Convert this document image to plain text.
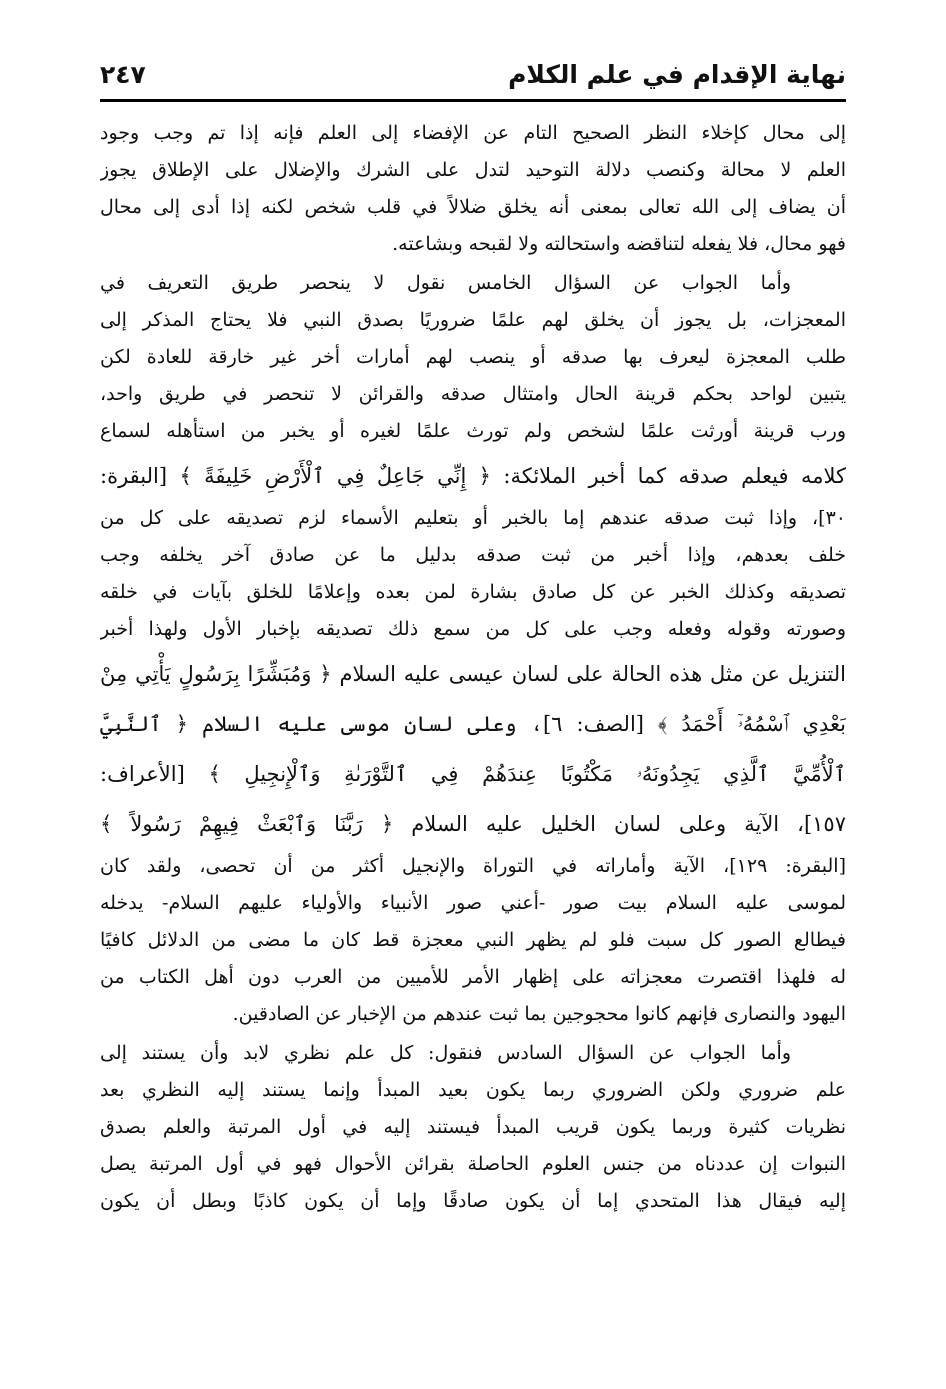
نهاية الإقدام في علم الكلام
٢٤٧
إلى محال كإخلاء النظر الصحيح التام عن الإفضاء إلى العلم فإنه إذا تم وجب وجود
العلم لا محالة وكنصب دلالة التوحيد لتدل على الشرك والإضلال على الإطلاق يجوز
أن يضاف إلى الله تعالى بمعنى أنه يخلق ضلالاً في قلب شخص لكنه إذا أدى إلى محال
فهو محال، فلا يفعله لتناقضه واستحالته ولا لقبحه وبشاعته.
وأما الجواب عن السؤال الخامس نقول لا ينحصر طريق التعريف في
المعجزات، بل يجوز أن يخلق لهم علمًا ضروريًا بصدق النبي فلا يحتاج المذكر إلى
طلب المعجزة ليعرف بها صدقه أو ينصب لهم أمارات أخر غير خارقة للعادة لكن
يتبين لواحد بحكم قرينة الحال وامتثال صدقه والقرائن لا تنحصر في طريق واحد،
ورب قرينة أورثت علمًا لشخص ولم تورث علمًا لغيره أو يخبر من استأهله لسماع
كلامه فيعلم صدقه كما أخبر الملائكة: ﴿ إِنِّي جَاعِلٌ فِي ٱلْأَرْضِ خَلِيفَةً ﴾ [البقرة:
٣٠]، وإذا ثبت صدقه عندهم إما بالخبر أو بتعليم الأسماء لزم تصديقه على كل من
خلف بعدهم، وإذا أخبر من ثبت صدقه بدليل ما عن صادق آخر يخلفه وجب
تصديقه وكذلك الخبر عن كل صادق بشارة لمن بعده وإعلامًا للخلق بآيات في خلقه
وصورته وقوله وفعله وجب على كل من سمع ذلك تصديقه بإخبار الأول ولهذا أخبر
التنزيل عن مثل هذه الحالة على لسان عيسى عليه السلام ﴿ وَمُبَشِّرًا بِرَسُولٍ يَأْتِي مِنْ
بَعْدِي ٱسْمُهُۥٓ أَحْمَدُ ﴾ [الصف: ٦]، وعلى لسان موسى عليه السلام ﴿ ٱلنَّبِيَّ
ٱلْأُمِّيَّ ٱلَّذِي يَجِدُونَهُۥ مَكْتُوبًا عِندَهُمْ فِي ٱلتَّوْرَىٰةِ وَٱلْإِنجِيلِ ﴾ [الأعراف:
١٥٧]، الآية وعلى لسان الخليل عليه السلام ﴿ رَبَّنَا وَٱبْعَثْ فِيهِمْ رَسُولاً ﴾
[البقرة: ١٢٩]، الآية وأماراته في التوراة والإنجيل أكثر من أن تحصى، ولقد كان
لموسى عليه السلام بيت صور -أعني صور الأنبياء والأولياء عليهم السلام- يدخله
فيطالع الصور كل سبت فلو لم يظهر النبي معجزة قط كان ما مضى من الدلائل كافيًا
له فلهذا اقتصرت معجزاته على إظهار الأمر للأميين من العرب دون أهل الكتاب من
اليهود والنصارى فإنهم كانوا محجوجين بما ثبت عندهم من الإخبار عن الصادقين.
وأما الجواب عن السؤال السادس فنقول: كل علم نظري لابد وأن يستند إلى
علم ضروري ولكن الضروري ربما يكون بعيد المبدأ وإنما يستند إليه النظري بعد
نظريات كثيرة وربما يكون قريب المبدأ فيستند إليه في أول المرتبة والعلم بصدق
النبوات إن عددناه من جنس العلوم الحاصلة بقرائن الأحوال فهو في أول المرتبة يصل
إليه فيقال هذا المتحدي إما أن يكون صادقًا وإما أن يكون كاذبًا وبطل أن يكون
